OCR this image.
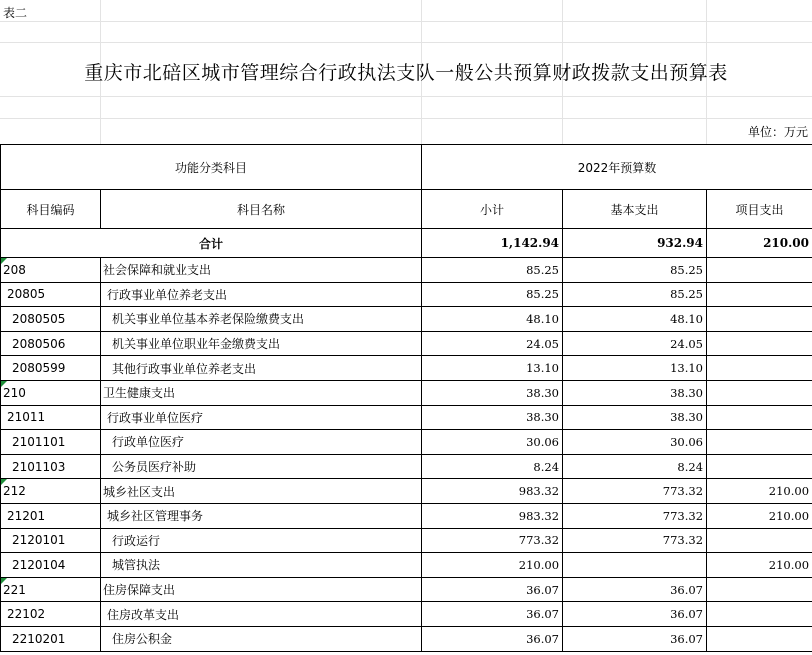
表二
重庆市北碚区城市管理综合行政执法支队一般公共预算财政拨款支出预算表
单位：万元
功能分类科目		2022年预算数		
科目编码	科目名称	小计	基本支出	项目支出
合计		1,142.94	932.94	210.00
208	社会保障和就业支出	85.25	85.25	
20805	行政事业单位养老支出	85.25	85.25	
2080505	机关事业单位基本养老保险缴费支出	48.10	48.10	
2080506	机关事业单位职业年金缴费支出	24.05	24.05	
2080599	其他行政事业单位养老支出	13.10	13.10	
210	卫生健康支出	38.30	38.30	
21011	行政事业单位医疗	38.30	38.30	
2101101	行政单位医疗	30.06	30.06	
2101103	公务员医疗补助	8.24	8.24	
212	城乡社区支出	983.32	773.32	210.00
21201	城乡社区管理事务	983.32	773.32	210.00
2120101	行政运行	773.32	773.32	
2120104	城管执法	210.00		210.00
221	住房保障支出	36.07	36.07	
22102	住房改革支出	36.07	36.07	
2210201	住房公积金	36.07	36.07	
